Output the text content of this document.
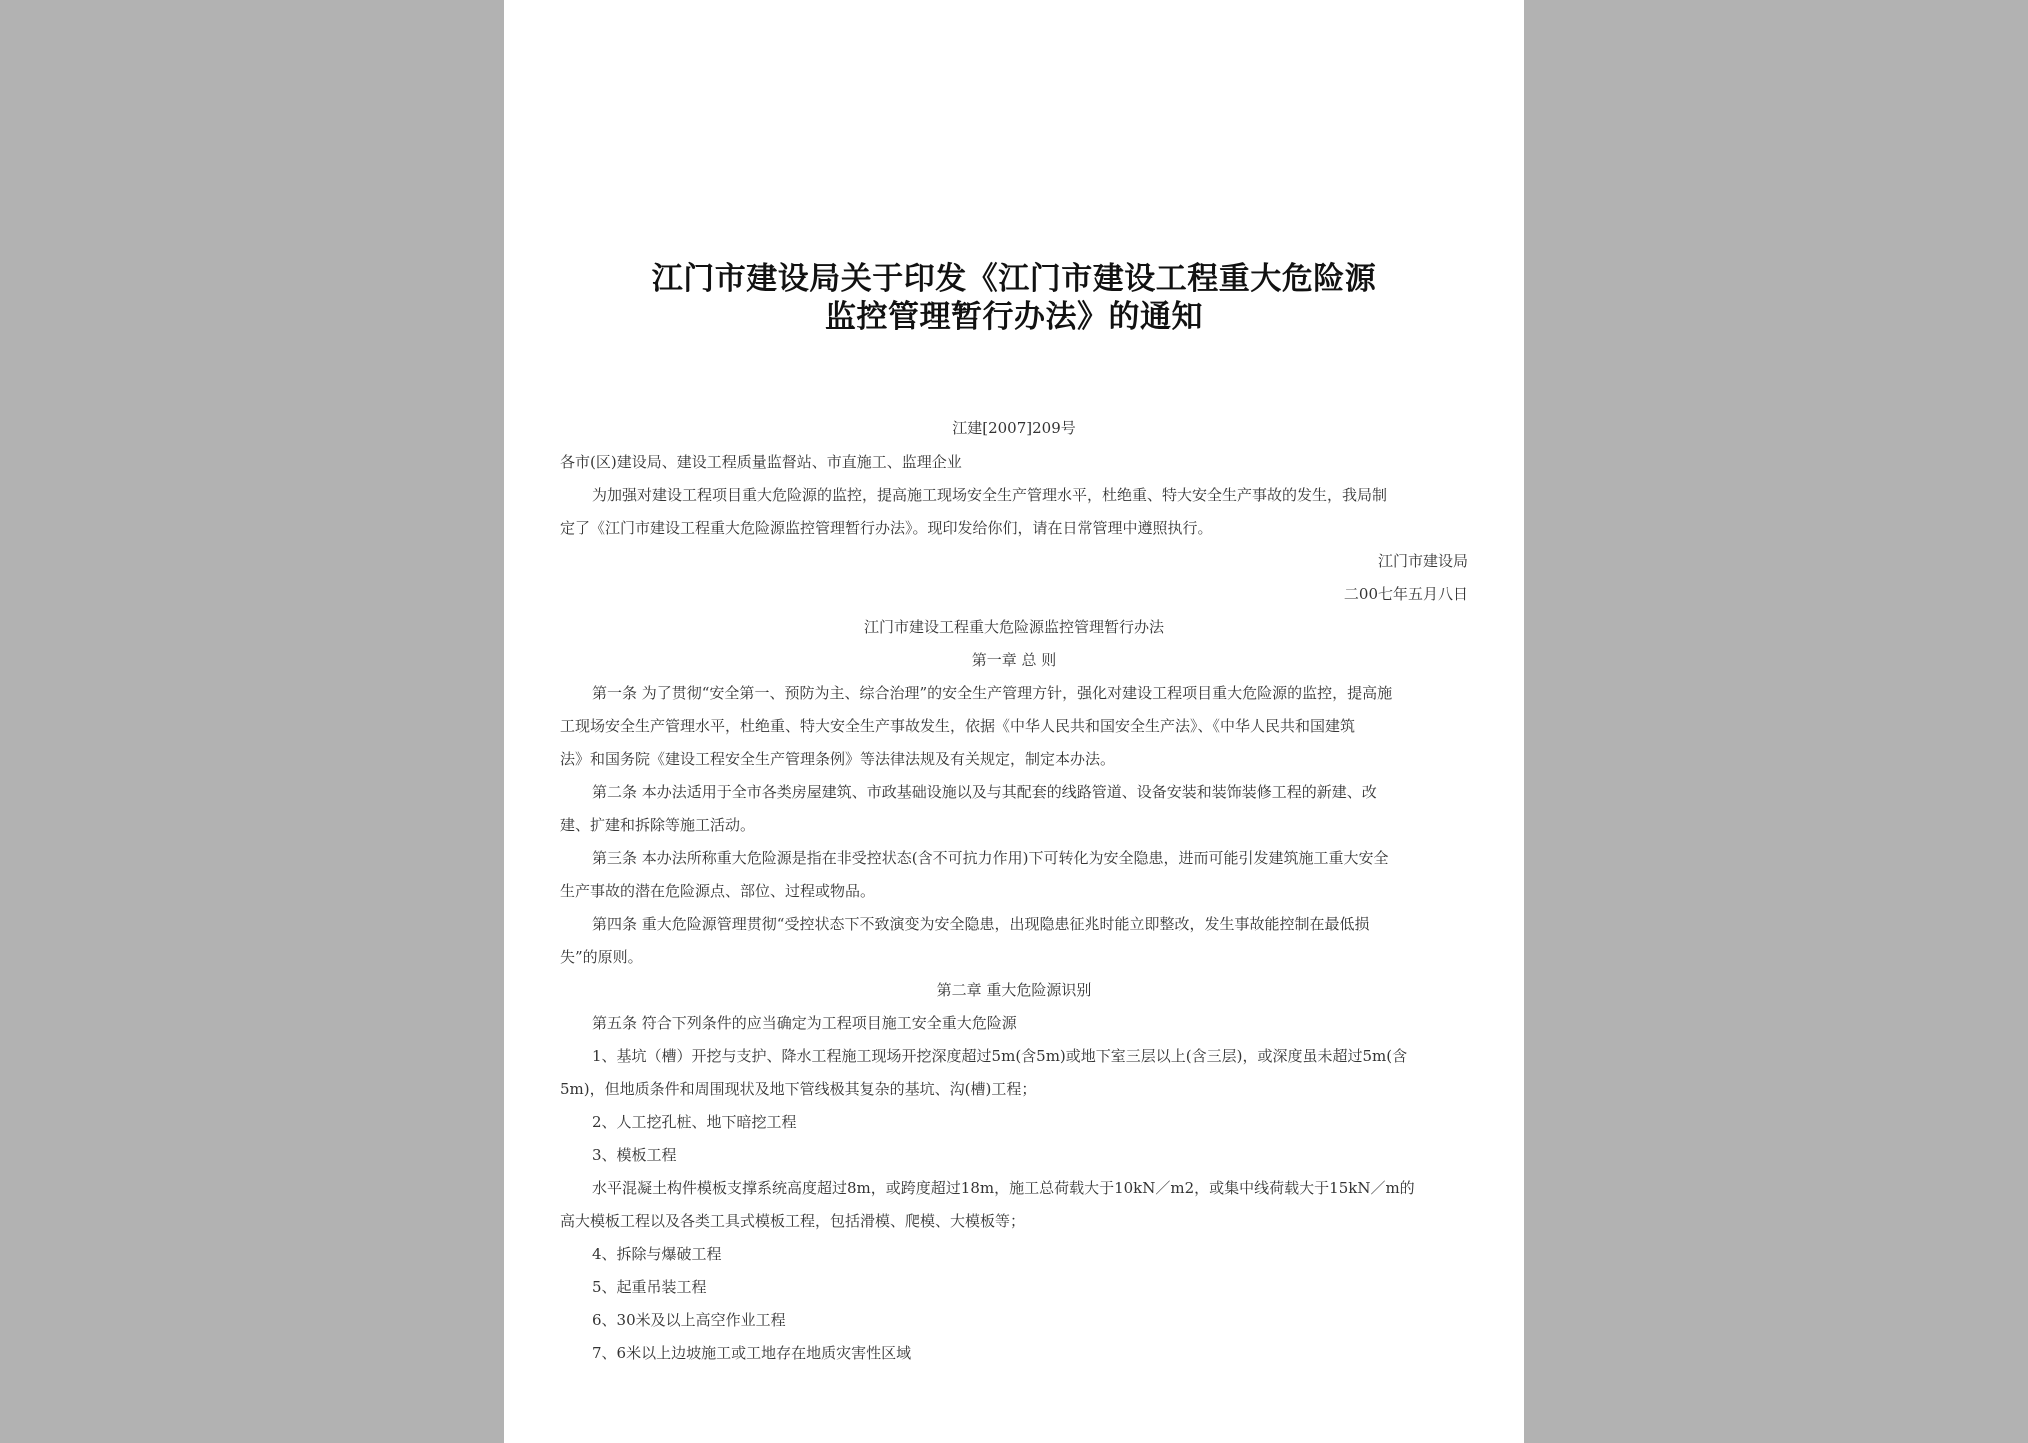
江门市建设局关于印发《江门市建设工程重大危险源
监控管理暂行办法》的通知
江建[2007]209号

各市(区)建设局、建设工程质量监督站、市直施工、监理企业

为加强对建设工程项目重大危险源的监控，提高施工现场安全生产管理水平，杜绝重、特大安全生产事故的发生，我局制

定了《江门市建设工程重大危险源监控管理暂行办法》。现印发给你们，请在日常管理中遵照执行。

江门市建设局

二00七年五月八日

江门市建设工程重大危险源监控管理暂行办法

第一章 总 则

第一条 为了贯彻“安全第一、预防为主、综合治理”的安全生产管理方针，强化对建设工程项目重大危险源的监控，提高施

工现场安全生产管理水平，杜绝重、特大安全生产事故发生，依据《中华人民共和国安全生产法》、《中华人民共和国建筑

法》和国务院《建设工程安全生产管理条例》等法律法规及有关规定，制定本办法。

第二条 本办法适用于全市各类房屋建筑、市政基础设施以及与其配套的线路管道、设备安装和装饰装修工程的新建、改

建、扩建和拆除等施工活动。

第三条 本办法所称重大危险源是指在非受控状态(含不可抗力作用)下可转化为安全隐患，进而可能引发建筑施工重大安全

生产事故的潜在危险源点、部位、过程或物品。

第四条 重大危险源管理贯彻“受控状态下不致演变为安全隐患，出现隐患征兆时能立即整改，发生事故能控制在最低损

失”的原则。

第二章 重大危险源识别

第五条 符合下列条件的应当确定为工程项目施工安全重大危险源

1、基坑（槽）开挖与支护、降水工程施工现场开挖深度超过5m(含5m)或地下室三层以上(含三层)，或深度虽未超过5m(含

5m)，但地质条件和周围现状及地下管线极其复杂的基坑、沟(槽)工程；

2、人工挖孔桩、地下暗挖工程

3、模板工程

水平混凝土构件模板支撑系统高度超过8m，或跨度超过18m，施工总荷载大于10kN／m2，或集中线荷载大于15kN／m的

高大模板工程以及各类工具式模板工程，包括滑模、爬模、大模板等；

4、拆除与爆破工程

5、起重吊装工程

6、30米及以上高空作业工程

7、6米以上边坡施工或工地存在地质灾害性区域
